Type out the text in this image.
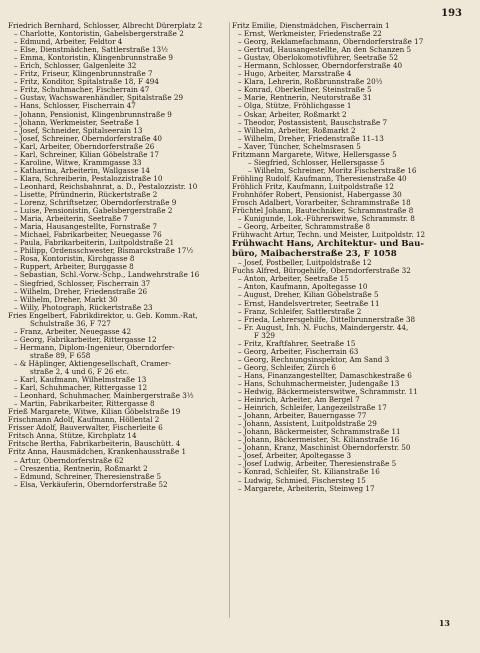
193
Friedrich Bernhard, Schlosser, Albrecht Dürerplatz 2
– Charlotte, Kontoristin, Gabelsbergerstraße 2
– Edmund, Arbeiter, Feldtor 4
– Else, Dienstmädchen, Sattlerstraße 13½
– Emma, Kontoristin, Klingenbrunnstraße 9
– Erich, Schlosser, Galgenleite 32
– Fritz, Friseur, Klingenbrunnstraße 7
– Fritz, Konditor, Spitalstraße 18, F 494
– Fritz, Schuhmacher, Fischerrain 47
– Gustav, Wachswarenhändler, Spitalstraße 29
– Hans, Schlosser, Fischerrain 47
– Johann, Pensionist, Klingenbrunnstraße 9
– Johann, Werkmeister, Seetraße 1
– Josef, Schneider, Spitalseerain 13
– Josef, Schreiner, Oberndorferstraße 40
– Karl, Arbeiter, Oberndorferstraße 26
– Karl, Schreiner, Kilian Göbelstraße 17
– Karoline, Witwe, Krammgasse 33
– Katharina, Arbeiterin, Wallgasse 14
– Klara, Schreiberin, Pestalozzistraße 10
– Leonhard, Reichsbahnrat, a. D., Pestalozzistr. 10
– Lisette, Pfründnerin, Rückertstraße 2
– Lorenz, Schriftsetzer, Oberndorferstraße 9
– Luise, Pensionistin, Gabelsbergerstraße 2
– Maria, Arbeiterin, Seetraße 7
– Maria, Hausangestellte, Fornstraße 7
– Michael, Fabrikarbeiter, Neuegasse 76
– Paula, Fabrikarbeiterin, Luitpoldstraße 21
– Philipp, Ordensschwester, Bismarckstraße 17½
– Rosa, Kontoristin, Kirchgasse 8
– Ruppert, Arbeiter, Burggasse 8
– Sebastian, Schl.-Vorw.-Schp., Landwehrstraße 16
– Siegfried, Schlosser, Fischerrain 37
– Wilhelm, Dreher, Friedenstraße 26
– Wilhelm, Dreher, Markt 30
– Willy, Photograph, Rückertstraße 23
Fries Engelbert, Fabrikdirektor, u. Geb. Komm.-Rat,
Schulstraße 36, F 727
– Franz, Arbeiter, Neuegasse 42
– Georg, Fabrikarbeiter, Rittergasse 12
– Hermann, Diplom-Ingenieur, Oberndorfer-
straße 89, F 658
– & Häplinger, Aktiengesellschaft, Cramer-
straße 2, 4 und 6, F 26 etc.
– Karl, Kaufmann, Wilhelmstraße 13
– Karl, Schuhmacher, Rittergasse 12
– Leonhard, Schuhmacher, Mainbergerstraße 3½
– Martin, Fabrikarbeiter, Rittergasse 8
Frieß Margarete, Witwe, Kilian Göbelstraße 19
Frischmann Adolf, Kaufmann, Höllental 2
Frisser Adolf, Bauverwalter, Fischerleite 6
Fritsch Anna, Stütze, Kirchplatz 14
Fritsche Bertha, Fabrikarbeiterin, Bauschütt. 4
Fritz Anna, Hausmädchen, Krankenhausstraße 1
– Artur, Oberndorferstraße 62
– Creszentia, Rentnerin, Roßmarkt 2
– Edmund, Schreiner, Theresienstraße 5
– Elsa, Verkäuferin, Oberndorferstraße 52
Fritz Emilie, Dienstmädchen, Fischerrain 1
– Ernst, Werkmeister, Friedenstraße 22
– Georg, Reklamefachmann, Oberndorferstraße 17
– Gertrud, Hausangestellte, An den Schanzen 5
– Gustav, Oberlokomotivführer, Seetraße 52
– Hermann, Schlosser, Oberndorferstraße 40
– Hugo, Arbeiter, Marsstraße 4
– Klara, Lehrerin, Roßbrunnstraße 20½
– Konrad, Oberkellner, Steinstraße 5
– Marie, Rentnerin, Neutorstraße 31
– Olga, Stütze, Fröhlichgasse 1
– Oskar, Arbeiter, Roßmarkt 2
– Theodor, Postassistent, Bauschstraße 7
– Wilhelm, Arbeiter, Roßmarkt 2
– Wilhelm, Dreher, Friedenstraße 11–13
– Xaver, Tüncher, Schelmsrasen 5
Fritzmann Margarete, Witwe, Hellersgasse 5
– Siegfried, Schlosser, Hellersgasse 5
– Wilhelm, Schreiner, Moritz Fischerstraße 16
Fröhling Rudolf, Kaufmann, Theresienstraße 40
Fröhlich Fritz, Kaufmann, Luitpoldstraße 12
Frohnhöfer Robert, Pensionist, Habergasse 30
Frosch Adalbert, Vorarbeiter, Schrammstraße 18
Früchtel Johann, Bautechniker, Schrammstraße 8
– Kunigunde, Lok.-Führerswitwe, Schrammstr. 8
– Georg, Arbeiter, Schrammstraße 8
Frühwacht Artur, Techn. und Meister, Luitpoldstr. 12
Frühwacht Hans, Architektur- und Bau-
büro, Maibacherstraße 23, F 1058
– Josef, Postbeller, Luitpoldstraße 12
Fuchs Alfred, Bürogehilfe, Oberndorferstraße 32
– Anton, Arbeiter, Seetraße 15
– Anton, Kaufmann, Apoltegasse 10
– August, Dreher, Kilian Göbelstraße 5
– Ernst, Handelsvertreter, Seetraße 11
– Franz, Schleifer, Sattlerstraße 2
– Frieda, Lehrersgehilfe, Dittelbrunnerstraße 38
– Fr. August, Inh. N. Fuchs, Maindergerstr. 44,
F 329
– Fritz, Kraftfahrer, Seetraße 15
– Georg, Arbeiter, Fischerrain 63
– Georg, Rechnungsinspektor, Am Sand 3
– Georg, Schleifer, Zürch 6
– Hans, Finanzangestellter, Damaschkestraße 6
– Hans, Schuhmachermeister, Judengaße 13
– Hedwig, Bäckermeisterswitwe, Schrammstr. 11
– Heinrich, Arbeiter, Am Bergel 7
– Heinrich, Schleifer, Langezeilstraße 17
– Johann, Arbeiter, Bauerngasse 77
– Johann, Assistent, Luitpoldstraße 29
– Johann, Bäckermeister, Schrammstraße 11
– Johann, Bäckermeister, St. Kilianstraße 16
– Johann, Kranz, Maschinist Oberndorferstr. 50
– Josef, Arbeiter, Apoltegasse 3
– Josef Ludwig, Arbeiter, Theresienstraße 5
– Konrad, Schleifer, St. Kilianstraße 16
– Ludwig, Schmied, Fischersteg 15
– Margarete, Arbeiterin, Steinweg 17
13
